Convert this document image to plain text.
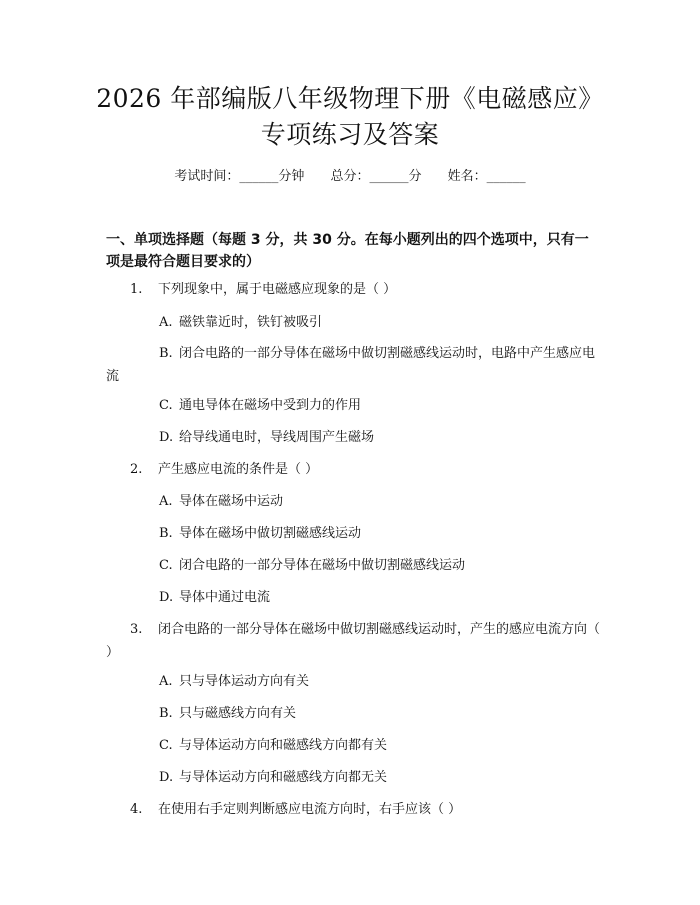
2026 年部编版八年级物理下册《电磁感应》
专项练习及答案
考试时间：______分钟 总分：______分 姓名：______
一、单项选择题（每题 3 分，共 30 分。在每小题列出的四个选项中，只有一项是最符合题目要求的）
1. 下列现象中，属于电磁感应现象的是（ ）
A. 磁铁靠近时，铁钉被吸引
B. 闭合电路的一部分导体在磁场中做切割磁感线运动时，电路中产生感应电流
C. 通电导体在磁场中受到力的作用
D. 给导线通电时，导线周围产生磁场
2. 产生感应电流的条件是（ ）
A. 导体在磁场中运动
B. 导体在磁场中做切割磁感线运动
C. 闭合电路的一部分导体在磁场中做切割磁感线运动
D. 导体中通过电流
3. 闭合电路的一部分导体在磁场中做切割磁感线运动时，产生的感应电流方向（ ）
A. 只与导体运动方向有关
B. 只与磁感线方向有关
C. 与导体运动方向和磁感线方向都有关
D. 与导体运动方向和磁感线方向都无关
4. 在使用右手定则判断感应电流方向时，右手应该（ ）
